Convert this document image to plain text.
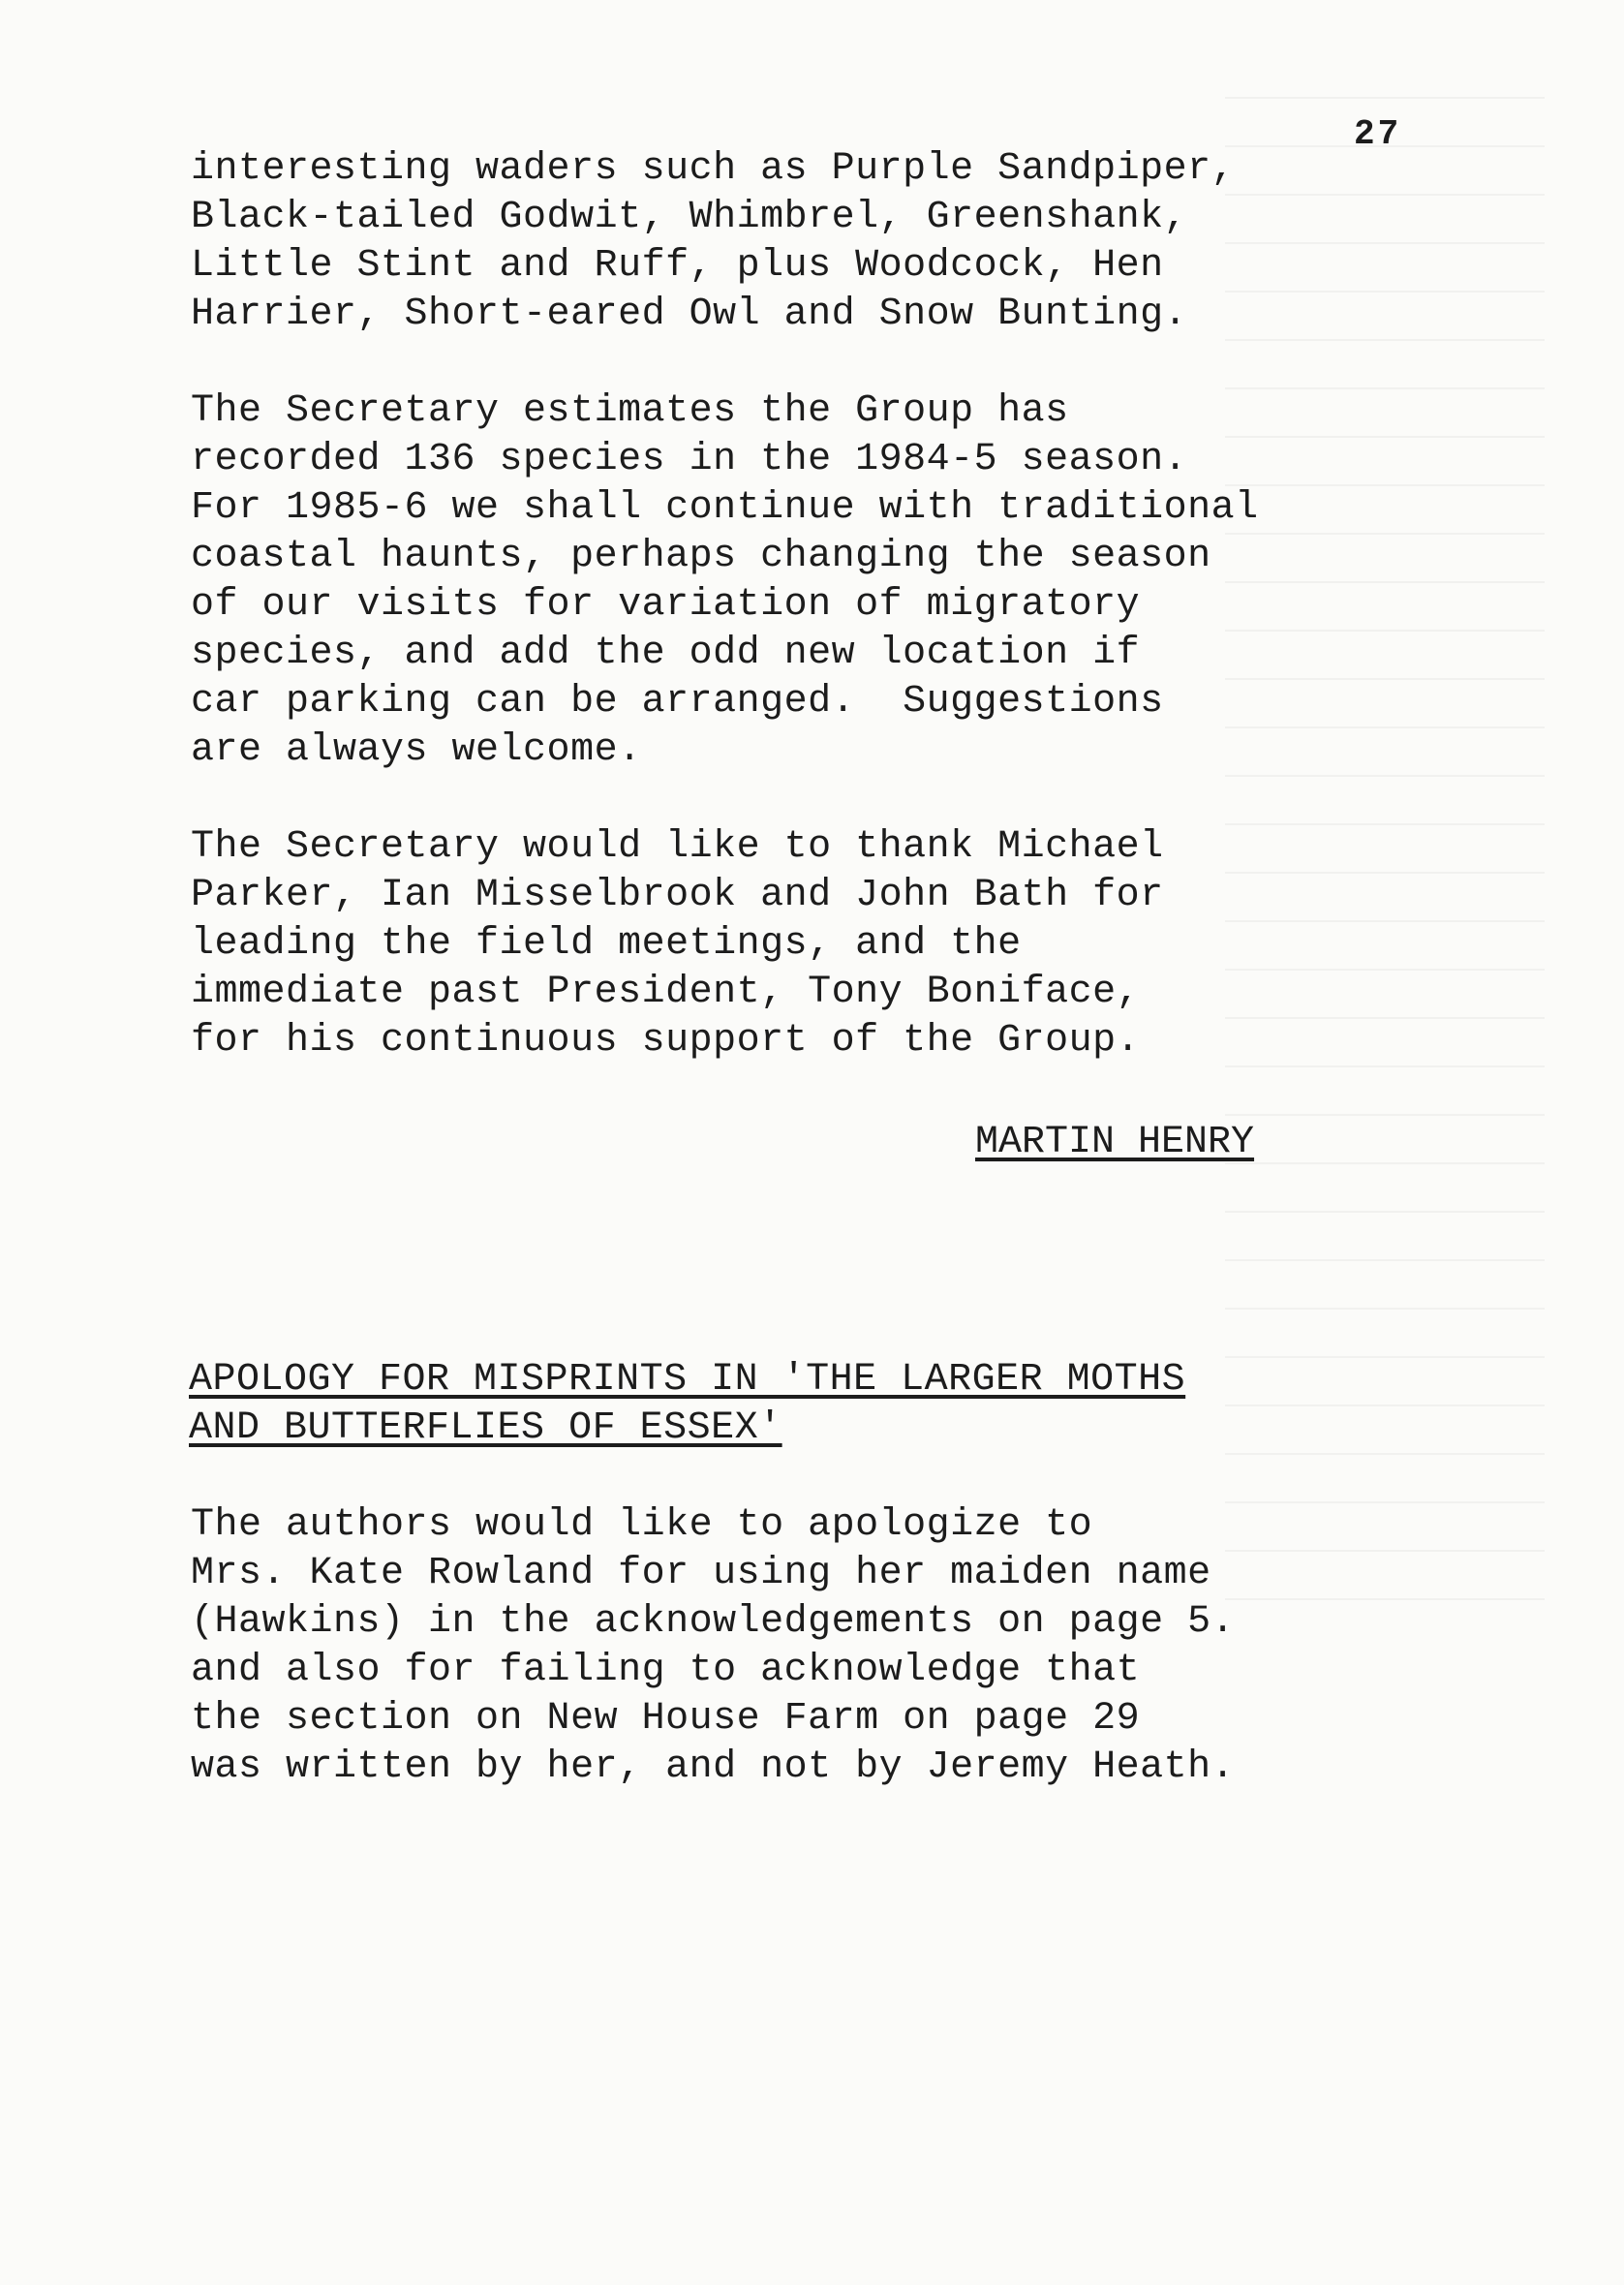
27
interesting waders such as Purple Sandpiper,
Black-tailed Godwit, Whimbrel, Greenshank,
Little Stint and Ruff, plus Woodcock, Hen
Harrier, Short-eared Owl and Snow Bunting.
The Secretary estimates the Group has
recorded 136 species in the 1984-5 season.
For 1985-6 we shall continue with traditional
coastal haunts, perhaps changing the season
of our visits for variation of migratory
species, and add the odd new location if
car parking can be arranged.  Suggestions
are always welcome.
The Secretary would like to thank Michael
Parker, Ian Misselbrook and John Bath for
leading the field meetings, and the
immediate past President, Tony Boniface,
for his continuous support of the Group.
MARTIN HENRY
APOLOGY FOR MISPRINTS IN 'THE LARGER MOTHS
AND BUTTERFLIES OF ESSEX'
The authors would like to apologize to
Mrs. Kate Rowland for using her maiden name
(Hawkins) in the acknowledgements on page 5.
and also for failing to acknowledge that
the section on New House Farm on page 29
was written by her, and not by Jeremy Heath.
